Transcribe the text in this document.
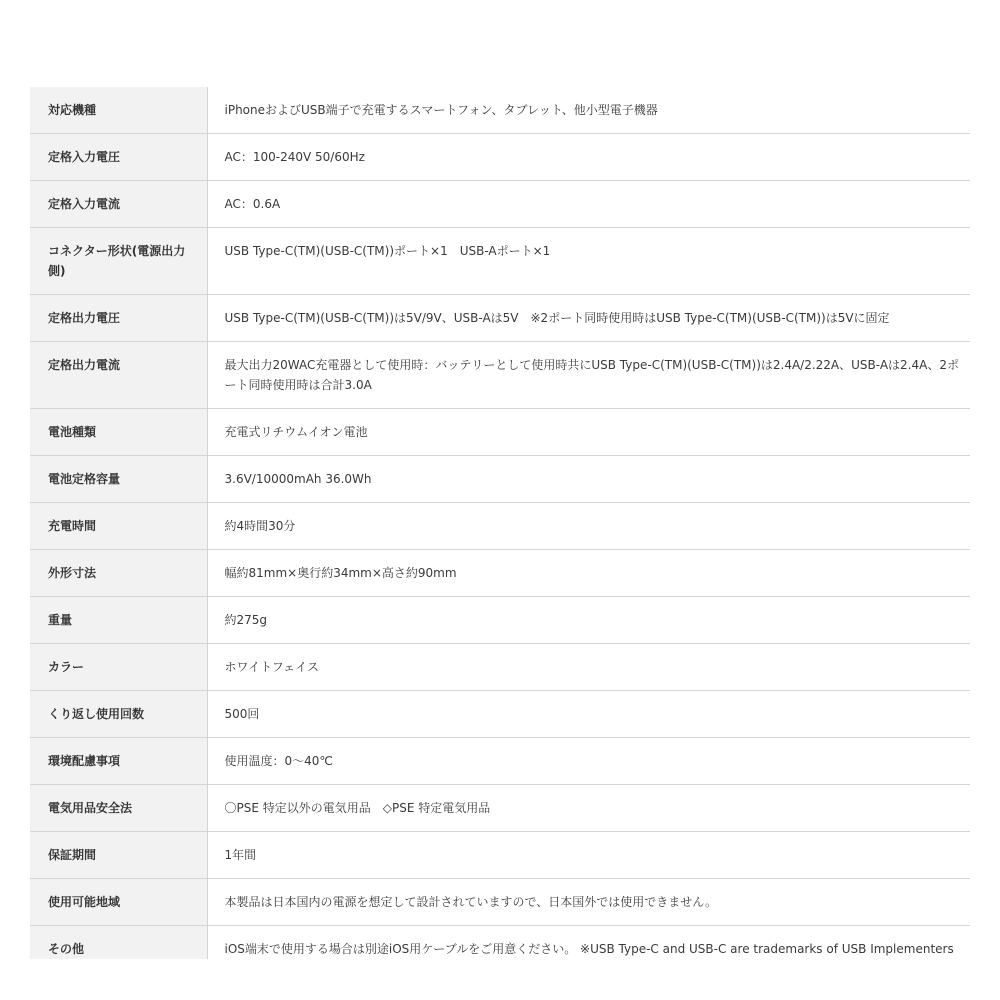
対応機種	iPhoneおよびUSB端子で充電するスマートフォン、タブレット、他小型電子機器
定格入力電圧	AC：100-240V 50/60Hz
定格入力電流	AC：0.6A
コネクター形状(電源出力側)	USB Type-C(TM)(USB-C(TM))ポート×1　USB-Aポート×1
定格出力電圧	USB Type-C(TM)(USB-C(TM))は5V/9V、USB-Aは5V　※2ポート同時使用時はUSB Type-C(TM)(USB-C(TM))は5Vに固定
定格出力電流	最大出力20WAC充電器として使用時：バッテリーとして使用時共にUSB Type-C(TM)(USB-C(TM))は2.4A/2.22A、USB-Aは2.4A、2ポート同時使用時は合計3.0A
電池種類	充電式リチウムイオン電池
電池定格容量	3.6V/10000mAh 36.0Wh
充電時間	約4時間30分
外形寸法	幅約81mm×奥行約34mm×高さ約90mm
重量	約275g
カラー	ホワイトフェイス
くり返し使用回数	500回
環境配慮事項	使用温度：0～40℃
電気用品安全法	〇PSE 特定以外の電気用品　◇PSE 特定電気用品
保証期間	1年間
使用可能地域	本製品は日本国内の電源を想定して設計されていますので、日本国外では使用できません。
その他	iOS端末で使用する場合は別途iOS用ケーブルをご用意ください。 ※USB Type-C and USB-C are trademarks of USB Implementers
